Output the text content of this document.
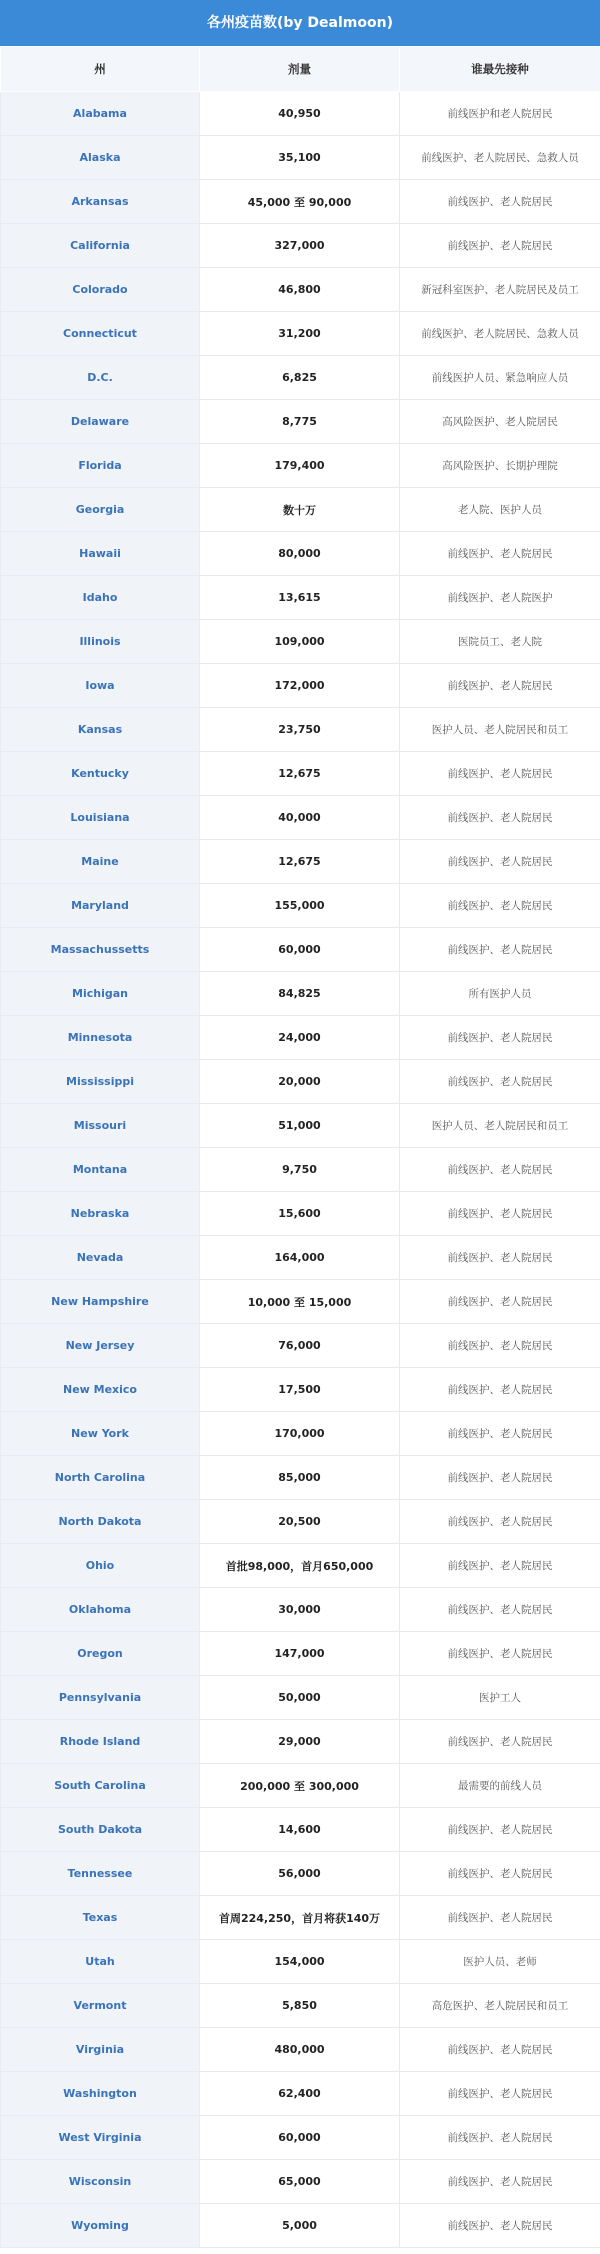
各州疫苗数(by Dealmoon)
州	剂量	谁最先接种
Alabama	40,950	前线医护和老人院居民
Alaska	35,100	前线医护、老人院居民、急救人员
Arkansas	45,000 至 90,000	前线医护、老人院居民
California	327,000	前线医护、老人院居民
Colorado	46,800	新冠科室医护、老人院居民及员工
Connecticut	31,200	前线医护、老人院居民、急救人员
D.C.	6,825	前线医护人员、紧急响应人员
Delaware	8,775	高风险医护、老人院居民
Florida	179,400	高风险医护、长期护理院
Georgia	数十万	老人院、医护人员
Hawaii	80,000	前线医护、老人院居民
Idaho	13,615	前线医护、老人院医护
Illinois	109,000	医院员工、老人院
Iowa	172,000	前线医护、老人院居民
Kansas	23,750	医护人员、老人院居民和员工
Kentucky	12,675	前线医护、老人院居民
Louisiana	40,000	前线医护、老人院居民
Maine	12,675	前线医护、老人院居民
Maryland	155,000	前线医护、老人院居民
Massachussetts	60,000	前线医护、老人院居民
Michigan	84,825	所有医护人员
Minnesota	24,000	前线医护、老人院居民
Mississippi	20,000	前线医护、老人院居民
Missouri	51,000	医护人员、老人院居民和员工
Montana	9,750	前线医护、老人院居民
Nebraska	15,600	前线医护、老人院居民
Nevada	164,000	前线医护、老人院居民
New Hampshire	10,000 至 15,000	前线医护、老人院居民
New Jersey	76,000	前线医护、老人院居民
New Mexico	17,500	前线医护、老人院居民
New York	170,000	前线医护、老人院居民
North Carolina	85,000	前线医护、老人院居民
North Dakota	20,500	前线医护、老人院居民
Ohio	首批98,000，首月650,000	前线医护、老人院居民
Oklahoma	30,000	前线医护、老人院居民
Oregon	147,000	前线医护、老人院居民
Pennsylvania	50,000	医护工人
Rhode Island	29,000	前线医护、老人院居民
South Carolina	200,000 至 300,000	最需要的前线人员
South Dakota	14,600	前线医护、老人院居民
Tennessee	56,000	前线医护、老人院居民
Texas	首周224,250，首月将获140万	前线医护、老人院居民
Utah	154,000	医护人员、老师
Vermont	5,850	高危医护、老人院居民和员工
Virginia	480,000	前线医护、老人院居民
Washington	62,400	前线医护、老人院居民
West Virginia	60,000	前线医护、老人院居民
Wisconsin	65,000	前线医护、老人院居民
Wyoming	5,000	前线医护、老人院居民
